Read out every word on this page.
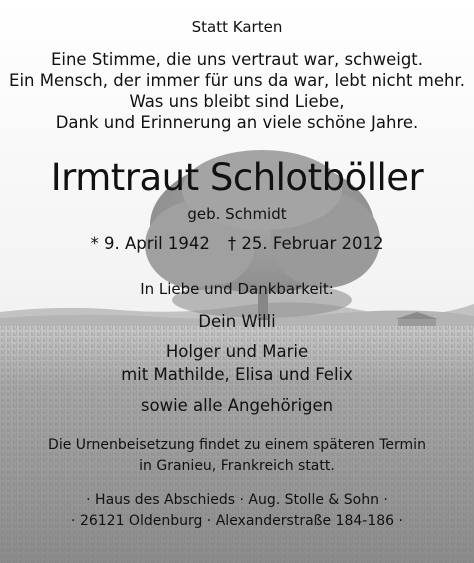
Statt Karten
Eine Stimme, die uns vertraut war, schweigt.
Ein Mensch, der immer für uns da war, lebt nicht mehr.
Was uns bleibt sind Liebe,
Dank und Erinnerung an viele schöne Jahre.
Irmtraut Schlotböller
geb. Schmidt
* 9. April 1942 † 25. Februar 2012
In Liebe und Dankbarkeit:
Dein Willi
Holger und Marie
mit Mathilde, Elisa und Felix
sowie alle Angehörigen
Die Urnenbeisetzung findet zu einem späteren Termin
in Granieu, Frankreich statt.
· Haus des Abschieds · Aug. Stolle & Sohn ·
· 26121 Oldenburg · Alexanderstraße 184-186 ·
